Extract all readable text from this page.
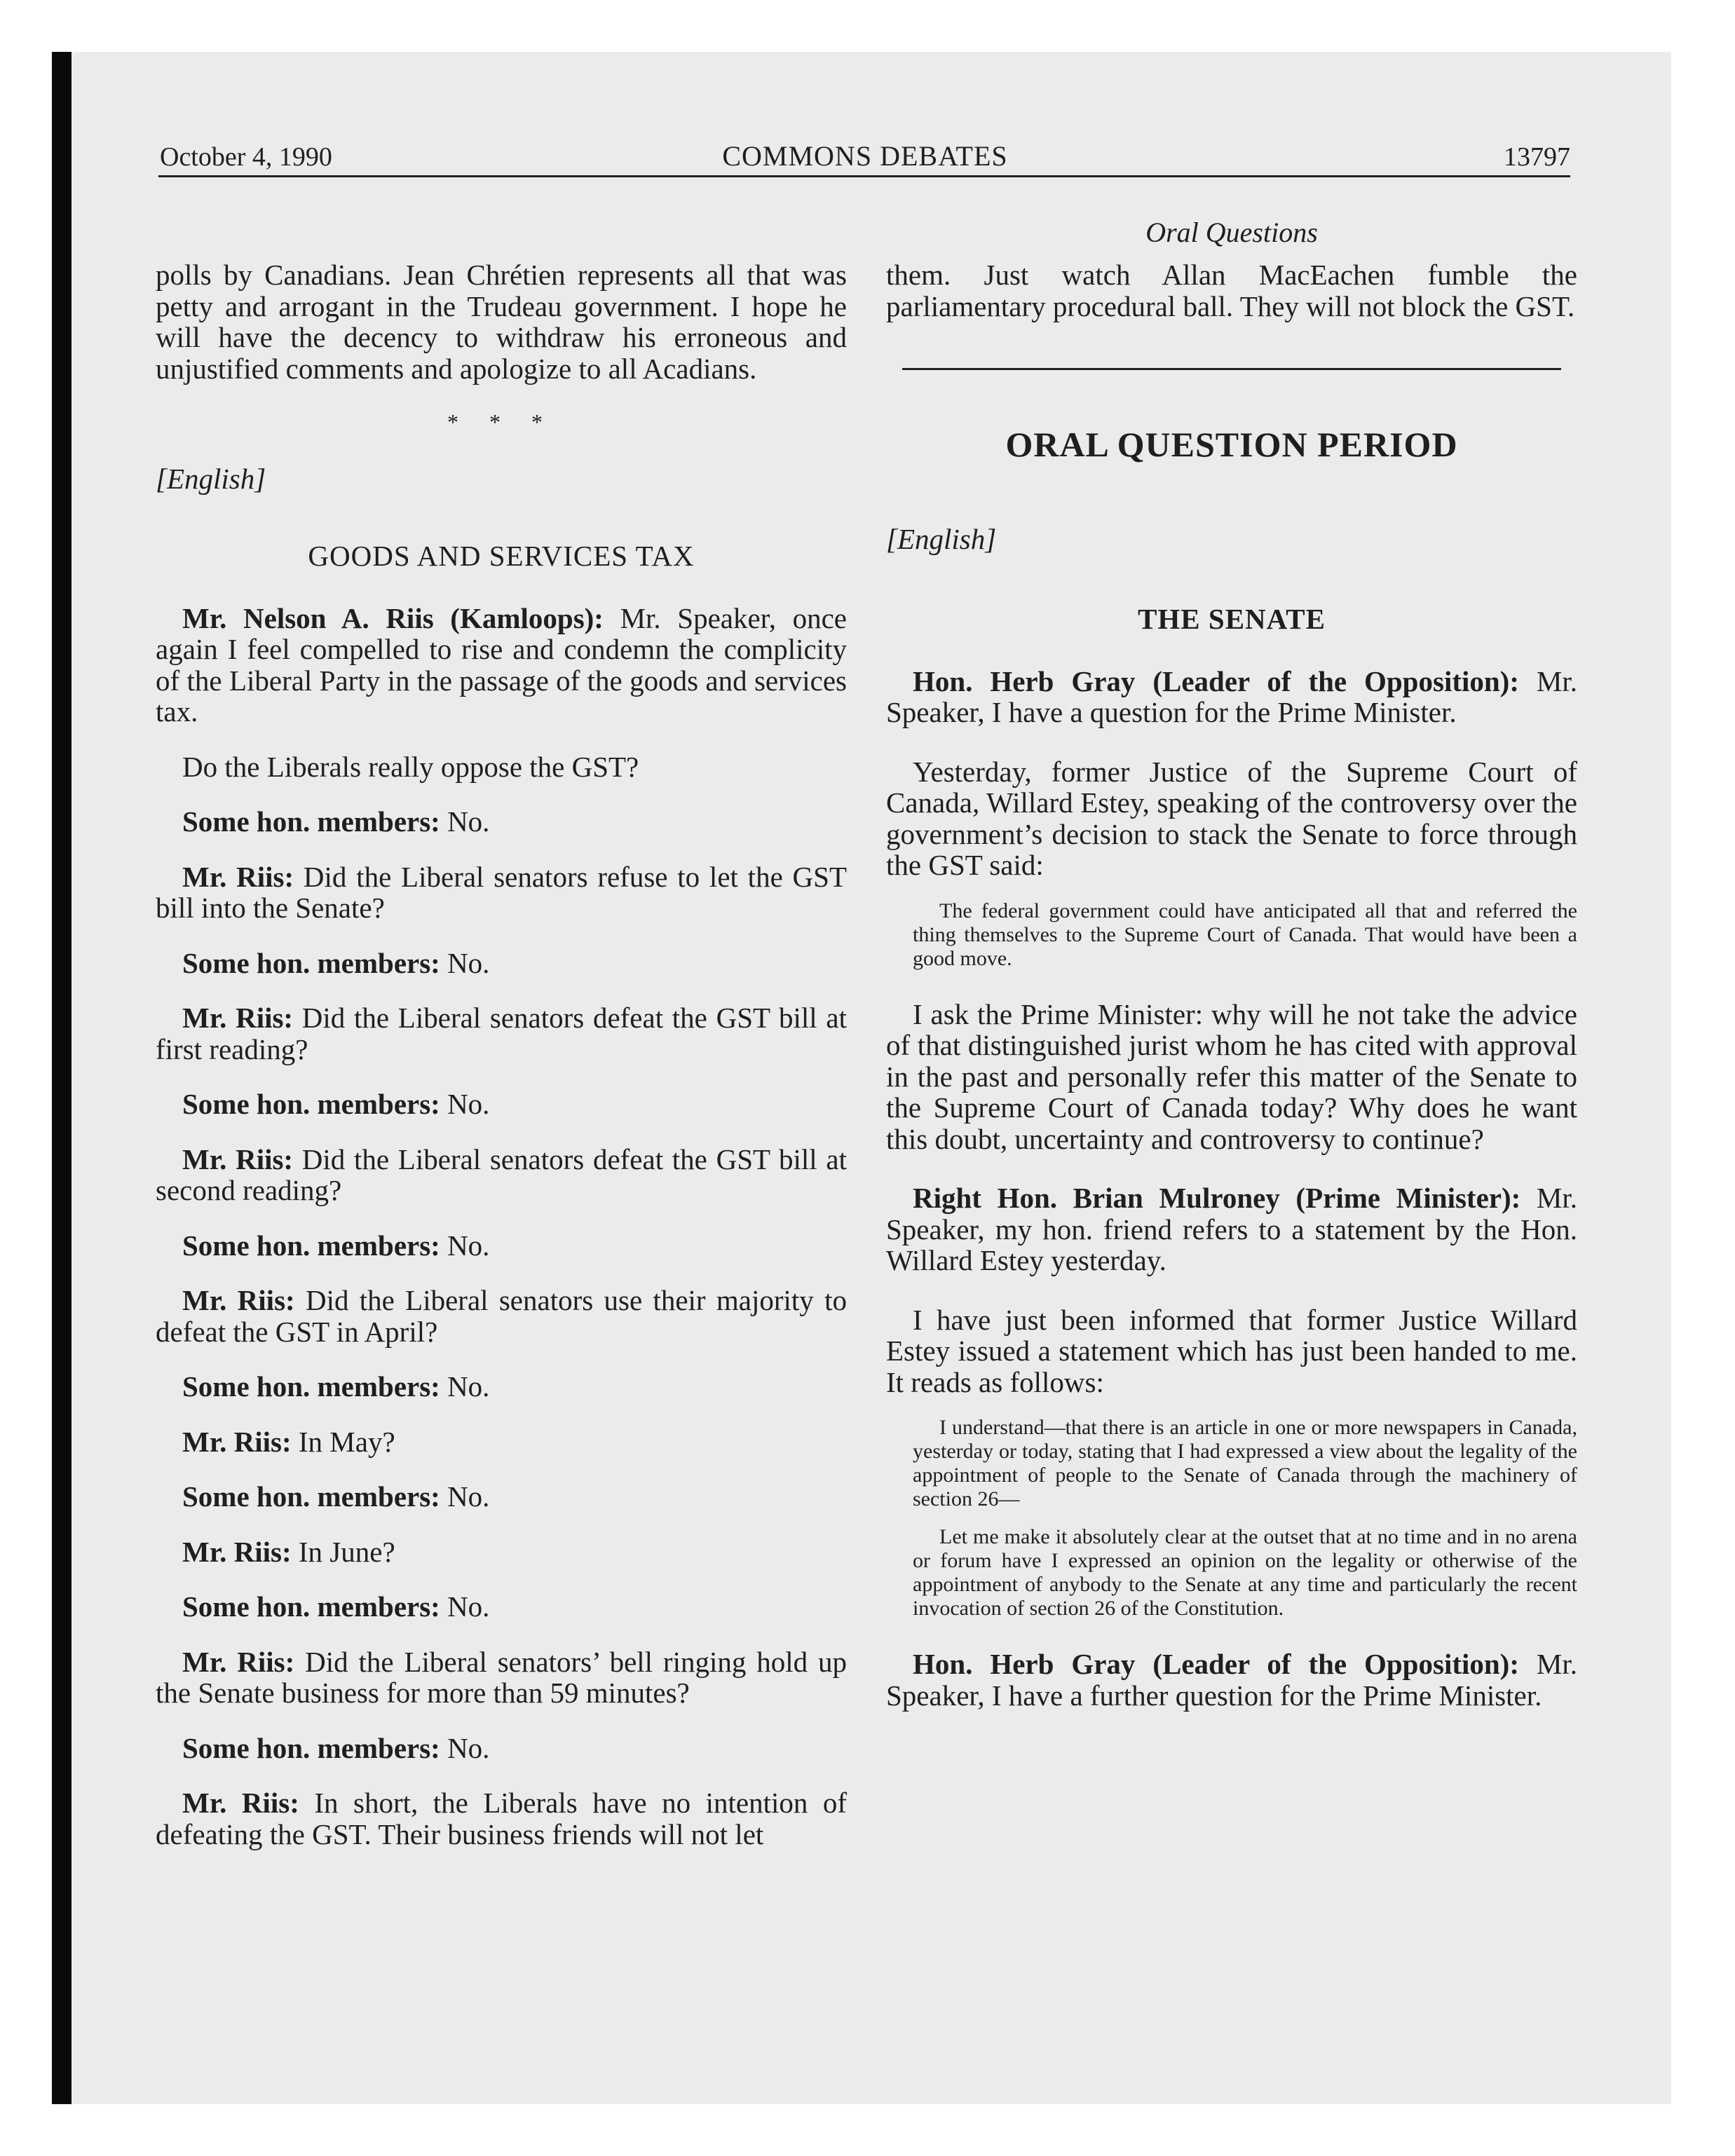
October 4, 1990	COMMONS DEBATES	13797
Oral Questions

polls by Canadians. Jean Chrétien represents all that was petty and arrogant in the Trudeau government. I hope he will have the decency to withdraw his erroneous and unjustified comments and apologize to all Acadians.

* * *

[English]

GOODS AND SERVICES TAX

Mr. Nelson A. Riis (Kamloops): Mr. Speaker, once again I feel compelled to rise and condemn the complicity of the Liberal Party in the passage of the goods and services tax.

Do the Liberals really oppose the GST?

Some hon. members: No.

Mr. Riis: Did the Liberal senators refuse to let the GST bill into the Senate?

Some hon. members: No.

Mr. Riis: Did the Liberal senators defeat the GST bill at first reading?

Some hon. members: No.

Mr. Riis: Did the Liberal senators defeat the GST bill at second reading?

Some hon. members: No.

Mr. Riis: Did the Liberal senators use their majority to defeat the GST in April?

Some hon. members: No.

Mr. Riis: In May?

Some hon. members: No.

Mr. Riis: In June?

Some hon. members: No.

Mr. Riis: Did the Liberal senators’ bell ringing hold up the Senate business for more than 59 minutes?

Some hon. members: No.

Mr. Riis: In short, the Liberals have no intention of defeating the GST. Their business friends will not let

them. Just watch Allan MacEachen fumble the parliamentary procedural ball. They will not block the GST.

ORAL QUESTION PERIOD

[English]

THE SENATE

Hon. Herb Gray (Leader of the Opposition): Mr. Speaker, I have a question for the Prime Minister.

Yesterday, former Justice of the Supreme Court of Canada, Willard Estey, speaking of the controversy over the government’s decision to stack the Senate to force through the GST said:

The federal government could have anticipated all that and referred the thing themselves to the Supreme Court of Canada. That would have been a good move.

I ask the Prime Minister: why will he not take the advice of that distinguished jurist whom he has cited with approval in the past and personally refer this matter of the Senate to the Supreme Court of Canada today? Why does he want this doubt, uncertainty and controversy to continue?

Right Hon. Brian Mulroney (Prime Minister): Mr. Speaker, my hon. friend refers to a statement by the Hon. Willard Estey yesterday.

I have just been informed that former Justice Willard Estey issued a statement which has just been handed to me. It reads as follows:

I understand—that there is an article in one or more newspapers in Canada, yesterday or today, stating that I had expressed a view about the legality of the appointment of people to the Senate of Canada through the machinery of section 26—

Let me make it absolutely clear at the outset that at no time and in no arena or forum have I expressed an opinion on the legality or otherwise of the appointment of anybody to the Senate at any time and particularly the recent invocation of section 26 of the Constitution.

Hon. Herb Gray (Leader of the Opposition): Mr. Speaker, I have a further question for the Prime Minister.
